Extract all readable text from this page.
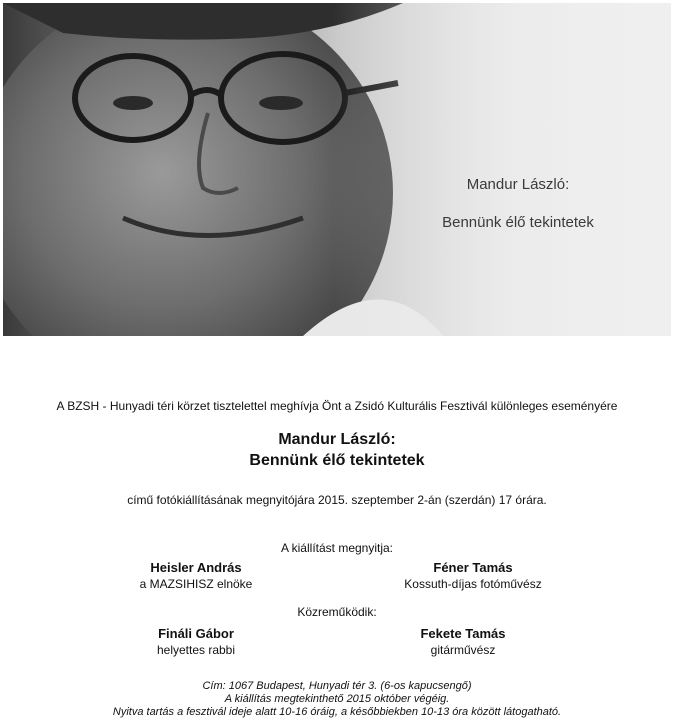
Mandur László:
Bennünk élő tekintetek
A BZSH - Hunyadi téri körzet tisztelettel meghívja Önt a Zsidó Kulturális Fesztivál különleges eseményére
Mandur László:
Bennünk élő tekintetek
című fotókiállításának megnyitójára 2015. szeptember 2-án (szerdán) 17 órára.
A kiállítást megnyitja:
Heisler András
a MAZSIHISZ elnöke
Féner Tamás
Kossuth-díjas fotóművész
Közreműködik:
Fináli Gábor
helyettes rabbi
Fekete Tamás
gitárművész
Cím: 1067 Budapest, Hunyadi tér 3. (6-os kapucsengő)
A kiállítás megtekinthető 2015 október végéig.
Nyitva tartás a fesztivál ideje alatt 10-16 óráig, a későbbiekben 10-13 óra között látogatható.
